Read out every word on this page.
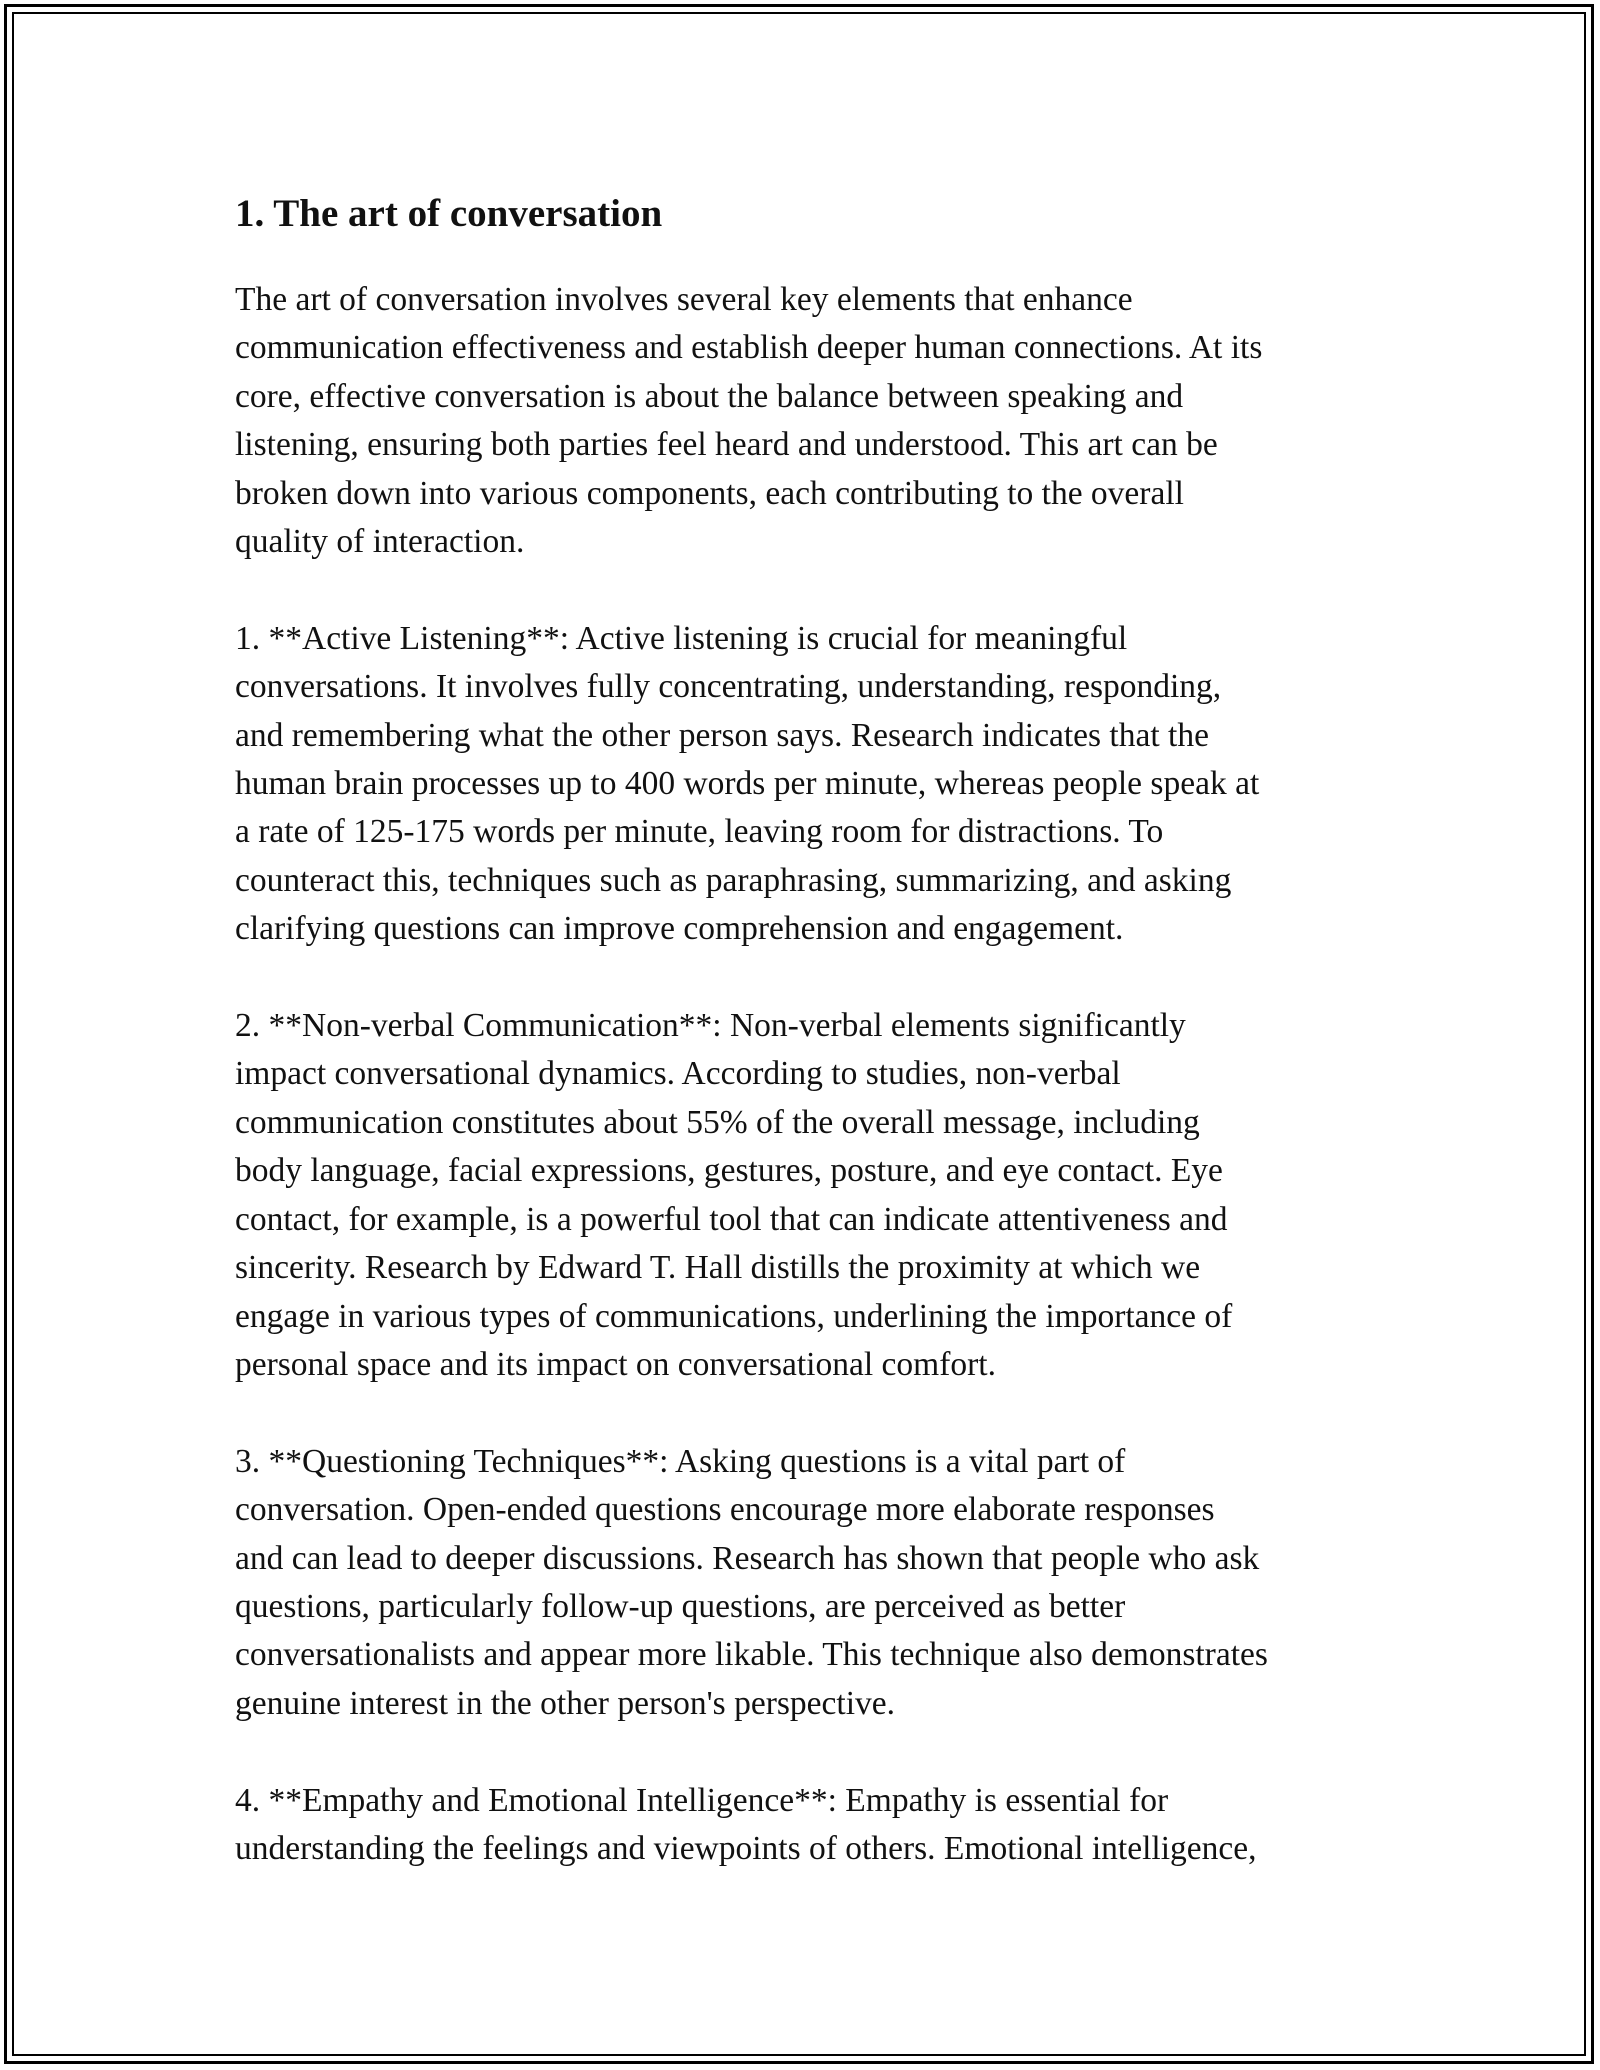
1. The art of conversation

The art of conversation involves several key elements that enhance
communication effectiveness and establish deeper human connections. At its
core, effective conversation is about the balance between speaking and
listening, ensuring both parties feel heard and understood. This art can be
broken down into various components, each contributing to the overall
quality of interaction.

1. **Active Listening**: Active listening is crucial for meaningful
conversations. It involves fully concentrating, understanding, responding,
and remembering what the other person says. Research indicates that the
human brain processes up to 400 words per minute, whereas people speak at
a rate of 125-175 words per minute, leaving room for distractions. To
counteract this, techniques such as paraphrasing, summarizing, and asking
clarifying questions can improve comprehension and engagement.

2. **Non-verbal Communication**: Non-verbal elements significantly
impact conversational dynamics. According to studies, non-verbal
communication constitutes about 55% of the overall message, including
body language, facial expressions, gestures, posture, and eye contact. Eye
contact, for example, is a powerful tool that can indicate attentiveness and
sincerity. Research by Edward T. Hall distills the proximity at which we
engage in various types of communications, underlining the importance of
personal space and its impact on conversational comfort.

3. **Questioning Techniques**: Asking questions is a vital part of
conversation. Open-ended questions encourage more elaborate responses
and can lead to deeper discussions. Research has shown that people who ask
questions, particularly follow-up questions, are perceived as better
conversationalists and appear more likable. This technique also demonstrates
genuine interest in the other person's perspective.

4. **Empathy and Emotional Intelligence**: Empathy is essential for
understanding the feelings and viewpoints of others. Emotional intelligence,
